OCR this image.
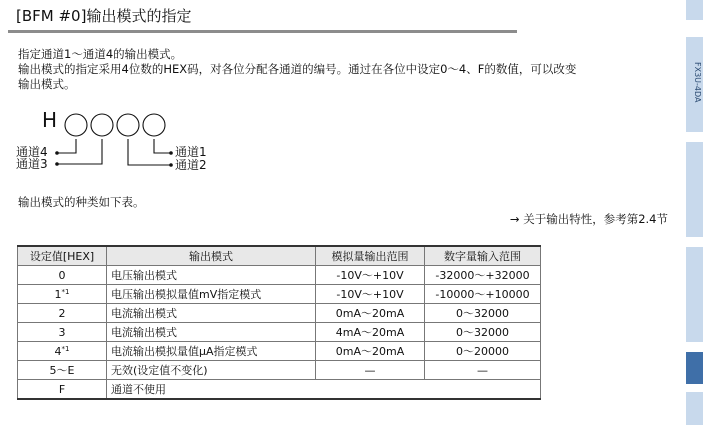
[BFM #0]输出模式的指定
指定通道1～通道4的输出模式。
输出模式的指定采用4位数的HEX码，对各位分配各通道的编号。通过在各位中设定0～4、F的数值，可以改变
输出模式。
H
通道4
通道3
通道1
通道2
输出模式的种类如下表。
→ 关于输出特性，参考第2.4节
设定值[HEX]	输出模式	模拟量输出范围	数字量输入范围
0	电压输出模式	-10V～+10V	-32000～+32000
1$^{*1}$	电压输出模拟量值mV指定模式	-10V～+10V	-10000～+10000
2	电流输出模式	0mA～20mA	0～32000
3	电流输出模式	4mA～20mA	0～32000
4$^{*1}$	电流输出模拟量值μA指定模式	0mA～20mA	0～20000
5～E	无效(设定值不变化)	—	—
F	通道不使用		
FX3U-4DA
